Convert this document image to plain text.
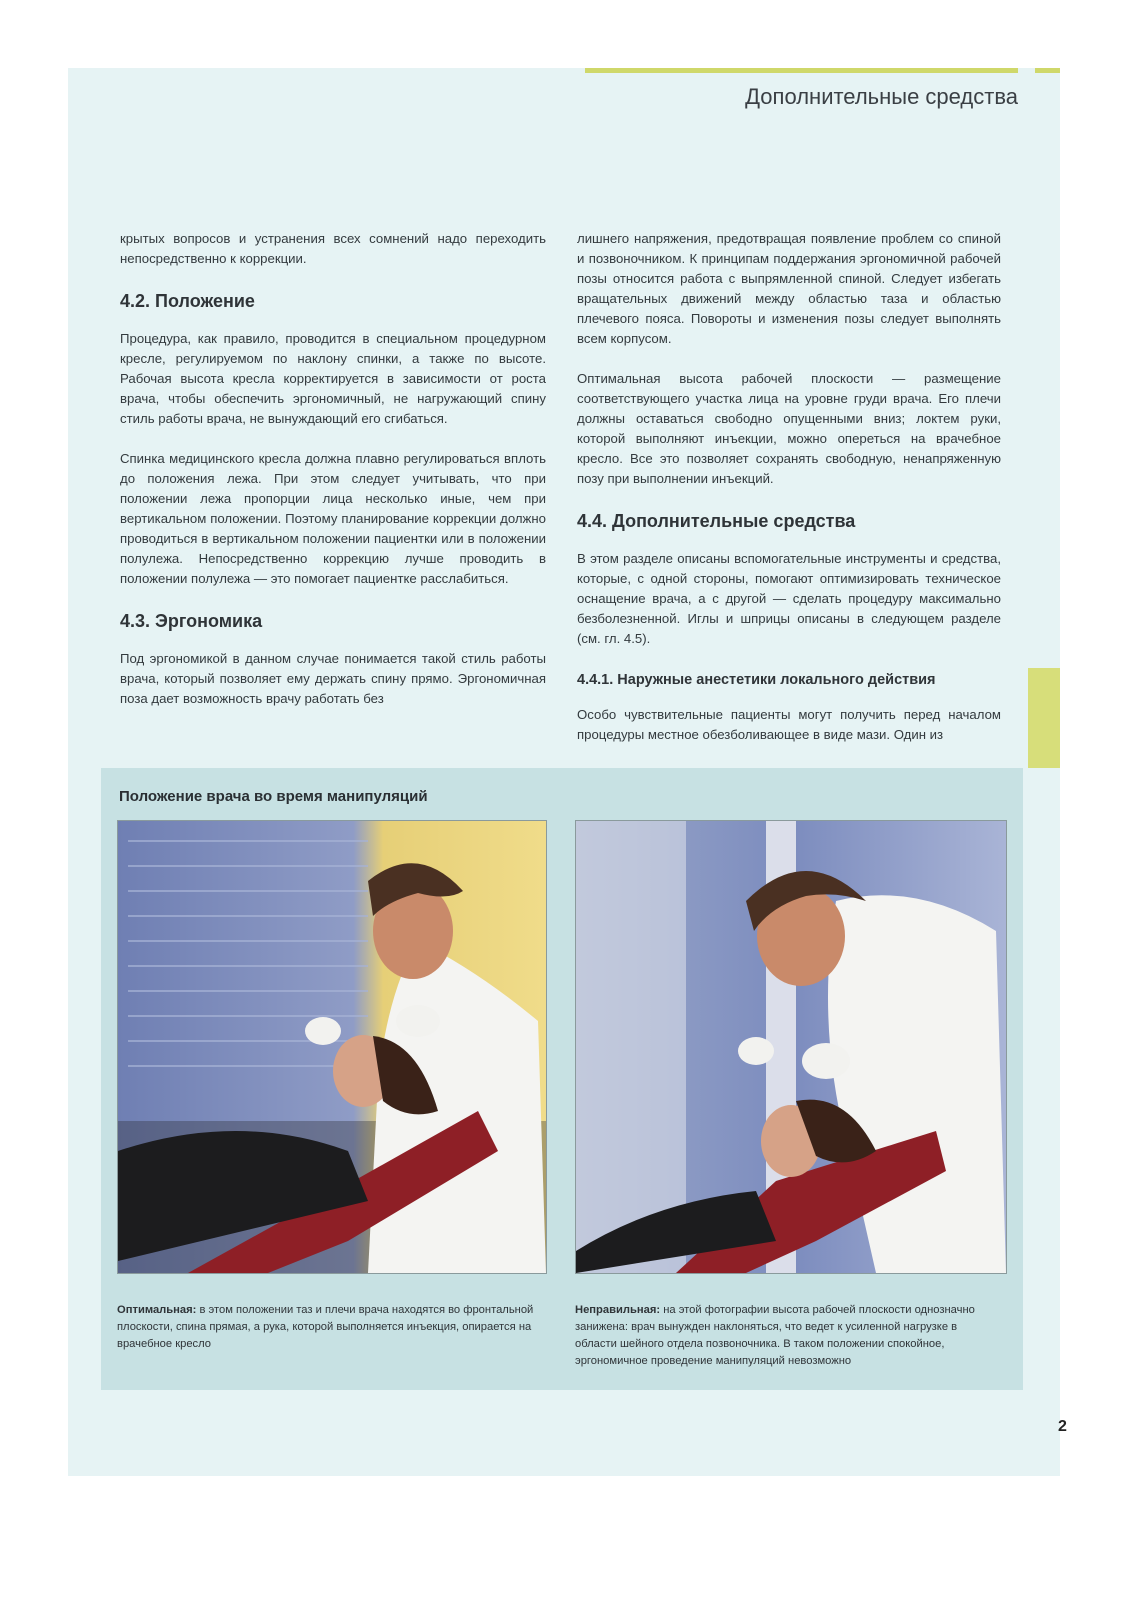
Дополнительные средства

крытых вопросов и устранения всех сомнений надо переходить непосредственно к коррекции.

4.2. Положение

Процедура, как правило, проводится в специальном процедурном кресле, регулируемом по наклону спинки, а также по высоте. Рабочая высота кресла корректируется в зависимости от роста врача, чтобы обеспечить эргономичный, не нагружающий спину стиль работы врача, не вынуждающий его сгибаться.

Спинка медицинского кресла должна плавно регулироваться вплоть до положения лежа. При этом следует учитывать, что при положении лежа пропорции лица несколько иные, чем при вертикальном положении. Поэтому планирование коррекции должно проводиться в вертикальном положении пациентки или в положении полулежа. Непосредственно коррекцию лучше проводить в положении полулежа — это помогает пациентке расслабиться.

4.3. Эргономика

Под эргономикой в данном случае понимается такой стиль работы врача, который позволяет ему держать спину прямо. Эргономичная поза дает возможность врачу работать без

лишнего напряжения, предотвращая появление проблем со спиной и позвоночником. К принципам поддержания эргономичной рабочей позы относится работа с выпрямленной спиной. Следует избегать вращательных движений между областью таза и областью плечевого пояса. Повороты и изменения позы следует выполнять всем корпусом.

Оптимальная высота рабочей плоскости — размещение соответствующего участка лица на уровне груди врача. Его плечи должны оставаться свободно опущенными вниз; локтем руки, которой выполняют инъекции, можно опереться на врачебное кресло. Все это позволяет сохранять свободную, ненапряженную позу при выполнении инъекций.

4.4. Дополнительные средства

В этом разделе описаны вспомогательные инструменты и средства, которые, с одной стороны, помогают оптимизировать техническое оснащение врача, а с другой — сделать процедуру максимально безболезненной. Иглы и шприцы описаны в следующем разделе (см. гл. 4.5).

4.4.1. Наружные анестетики локального действия

Особо чувствительные пациенты могут получить перед началом процедуры местное обезболивающее в виде мази. Один из

Положение врача во время манипуляций
Оптимальная: в этом положении таз и плечи врача находятся во фронтальной плоскости, спина прямая, а рука, которой выполняется инъекция, опирается на врачебное кресло
Неправильная: на этой фотографии высота рабочей плоскости однозначно занижена: врач вынужден наклоняться, что ведет к усиленной нагрузке в области шейного отдела позвоночника. В таком положении спокойное, эргономичное проведение манипуляций невозможно
2
